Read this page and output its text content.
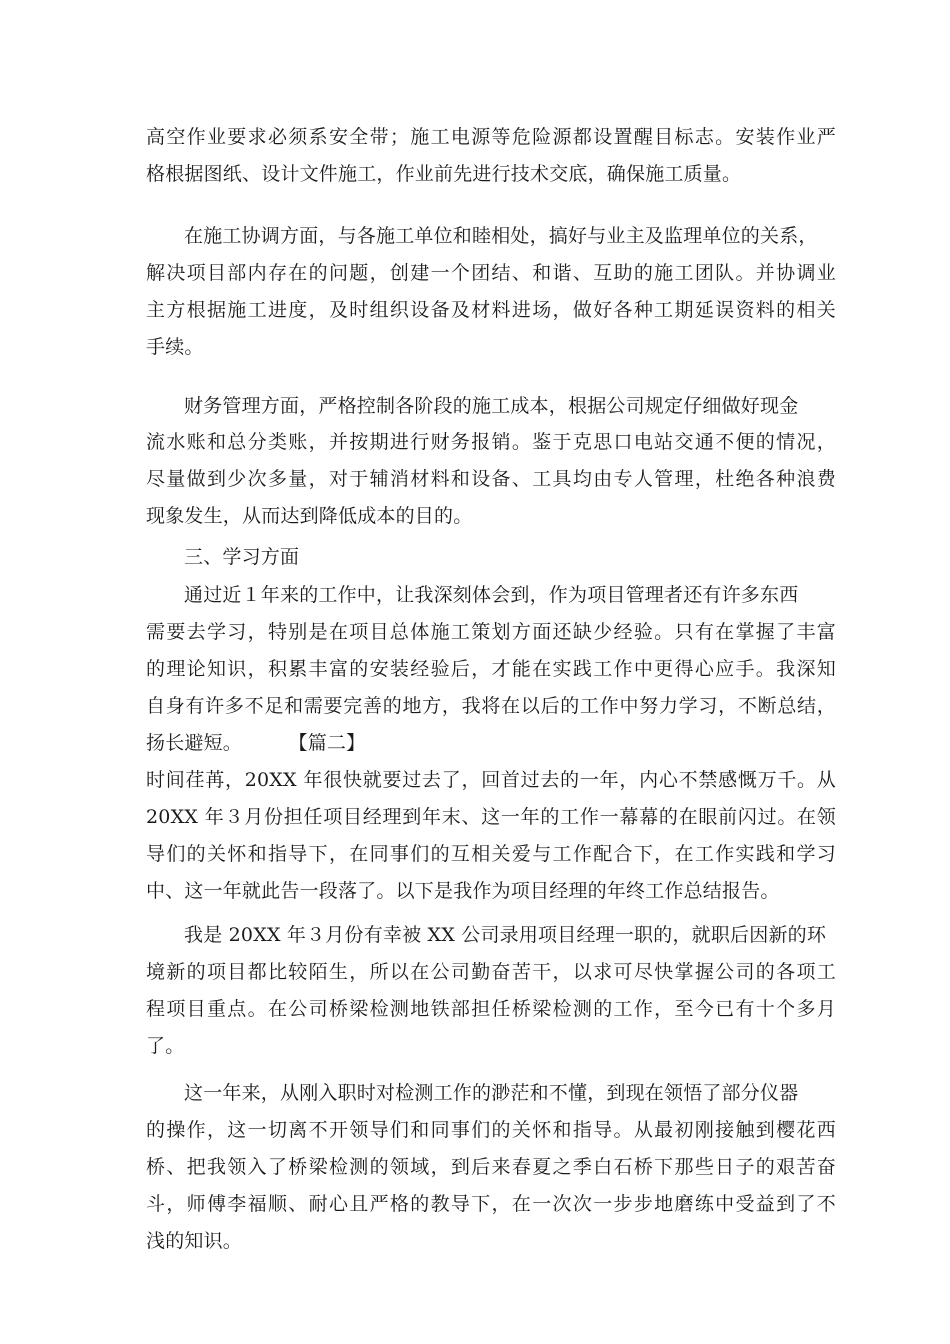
高空作业要求必须系安全带；施工电源等危险源都设置醒目标志。安装作业严
格根据图纸、设计文件施工，作业前先进行技术交底，确保施工质量。
在施工协调方面，与各施工单位和睦相处，搞好与业主及监理单位的关系，
解决项目部内存在的问题，创建一个团结、和谐、互助的施工团队。并协调业
主方根据施工进度，及时组织设备及材料进场，做好各种工期延误资料的相关
手续。
财务管理方面，严格控制各阶段的施工成本，根据公司规定仔细做好现金
流水账和总分类账，并按期进行财务报销。鉴于克思口电站交通不便的情况，
尽量做到少次多量，对于辅消材料和设备、工具均由专人管理，杜绝各种浪费
现象发生，从而达到降低成本的目的。
三、学习方面
通过近１年来的工作中，让我深刻体会到，作为项目管理者还有许多东西
需要去学习，特别是在项目总体施工策划方面还缺少经验。只有在掌握了丰富
的理论知识，积累丰富的安装经验后，才能在实践工作中更得心应手。我深知
自身有许多不足和需要完善的地方，我将在以后的工作中努力学习，不断总结，
扬长避短。	【篇二】
时间荏苒，20XX 年很快就要过去了，回首过去的一年，内心不禁感慨万千。从
20XX 年３月份担任项目经理到年末、这一年的工作一幕幕的在眼前闪过。在领
导们的关怀和指导下，在同事们的互相关爱与工作配合下，在工作实践和学习
中、这一年就此告一段落了。以下是我作为项目经理的年终工作总结报告。
我是 20XX 年３月份有幸被 XX 公司录用项目经理一职的，就职后因新的环
境新的项目都比较陌生，所以在公司勤奋苦干，以求可尽快掌握公司的各项工
程项目重点。在公司桥梁检测地铁部担任桥梁检测的工作，至今已有十个多月
了。
这一年来，从刚入职时对检测工作的渺茫和不懂，到现在领悟了部分仪器
的操作，这一切离不开领导们和同事们的关怀和指导。从最初刚接触到樱花西
桥、把我领入了桥梁检测的领域，到后来春夏之季白石桥下那些日子的艰苦奋
斗，师傅李福顺、耐心且严格的教导下，在一次次一步步地磨练中受益到了不
浅的知识。
